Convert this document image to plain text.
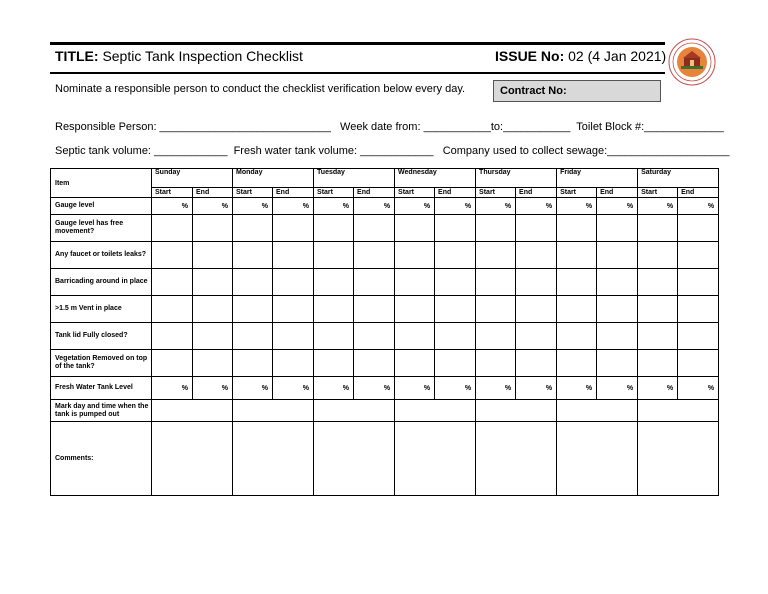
TITLE: Septic Tank Inspection Checklist	ISSUE No: 02 (4 Jan 2021)
Nominate a responsible person to conduct the checklist verification below every day.	Contract No:
Responsible Person: ____________________________   Week date from: ___________to:___________  Toilet Block #:_____________
Septic tank volume: ____________  Fresh water tank volume: ____________   Company used to collect sewage:____________________
Item	Sunday		Monday		Tuesday		Wednesday		Thursday		Friday		Saturday	
	Start	End	Start	End	Start	End	Start	End	Start	End	Start	End	Start	End

Gauge level	%	%	%	%	%	%	%	%	%	%	%	%	%	%

Gauge level has free movement?														

Any faucet or toilets leaks?														

Barricading around in place														

>1.5 m Vent in place														

Tank lid Fully closed?														

Vegetation Removed on top of the tank?														

Fresh Water Tank Level	%	%	%	%	%	%	%	%	%	%	%	%	%	%

Mark day and time when the tank is pumped out														

Comments:														
